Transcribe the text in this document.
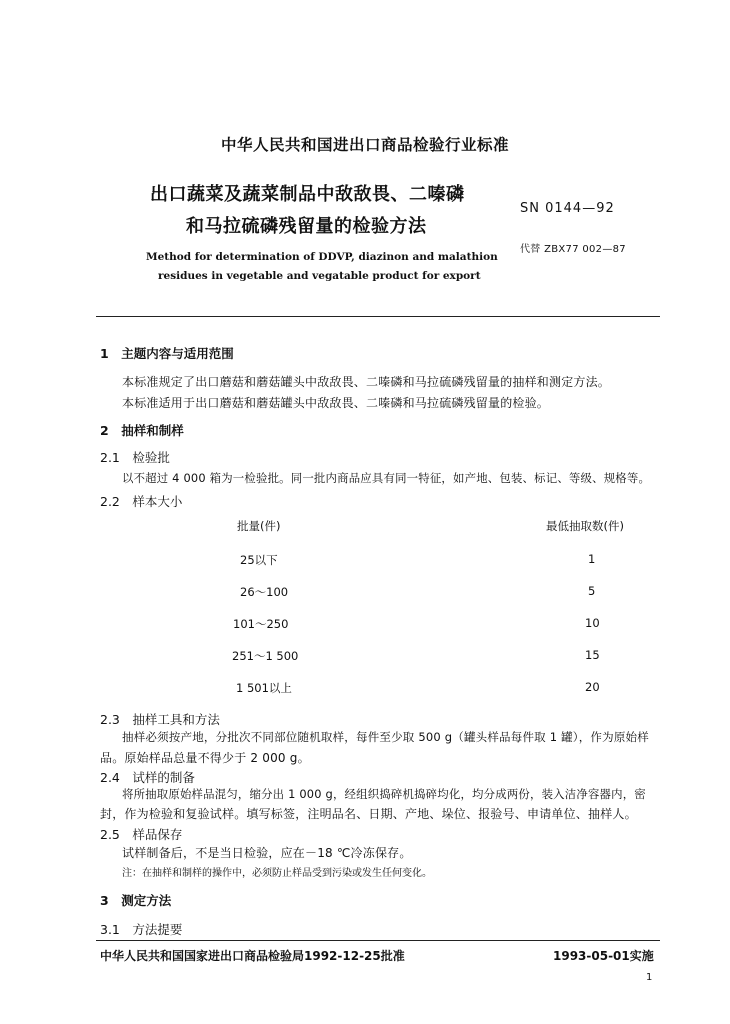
中华人民共和国进出口商品检验行业标准
出口蔬菜及蔬菜制品中敌敌畏、二嗪磷
和马拉硫磷残留量的检验方法
SN 0144—92
代替 ZBX77 002—87
Method for determination of DDVP, diazinon and malathion
residues in vegetable and vegatable product for export
1　主题内容与适用范围
本标准规定了出口蘑菇和蘑菇罐头中敌敌畏、二嗪磷和马拉硫磷残留量的抽样和测定方法。
本标准适用于出口蘑菇和蘑菇罐头中敌敌畏、二嗪磷和马拉硫磷残留量的检验。
2　抽样和制样
2.1　检验批
以不超过 4 000 箱为一检验批。同一批内商品应具有同一特征，如产地、包装、标记、等级、规格等。
2.2　样本大小
批量(件)	最低抽取数(件)
25以下	1
26～100	5
101～250	10
251～1 500	15
1 501以上	20
2.3　抽样工具和方法
抽样必须按产地，分批次不同部位随机取样，每件至少取 500 g（罐头样品每件取 1 罐），作为原始样
品。原始样品总量不得少于 2 000 g。
2.4　试样的制备
将所抽取原始样品混匀，缩分出 1 000 g，经组织捣碎机捣碎均化，均分成两份，装入洁净容器内，密
封，作为检验和复验试样。填写标签，注明品名、日期、产地、垛位、报验号、申请单位、抽样人。
2.5　样品保存
试样制备后，不是当日检验，应在－18 ℃冷冻保存。
注：在抽样和制样的操作中，必须防止样品受到污染或发生任何变化。
3　测定方法
3.1　方法提要
中华人民共和国国家进出口商品检验局1992-12-25批准	1993-05-01实施
1
